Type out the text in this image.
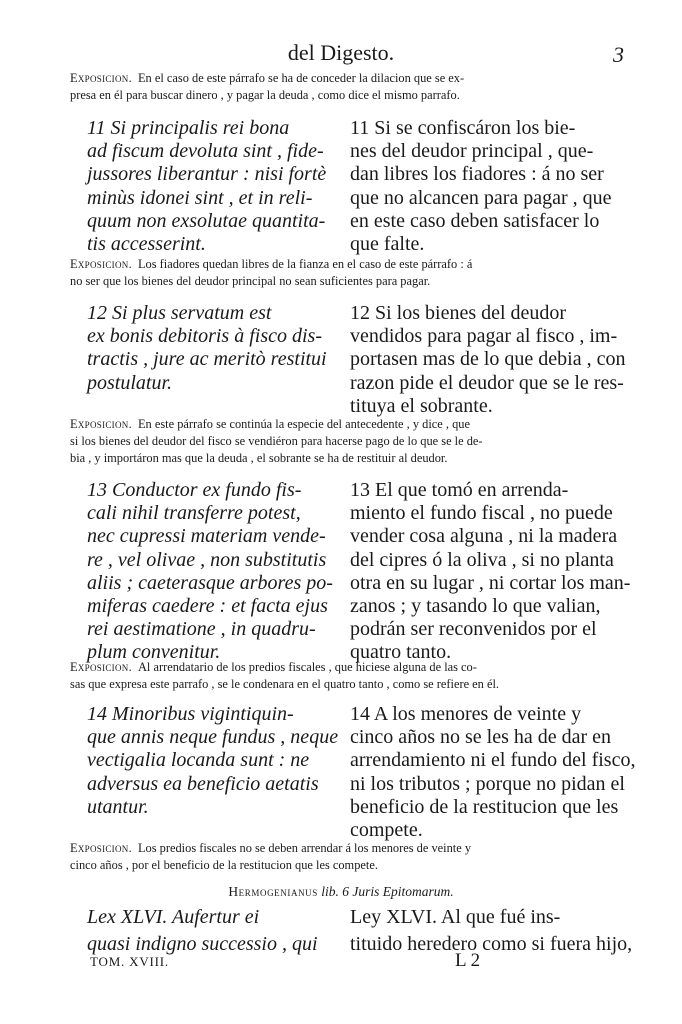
del Digesto.	3
Exposicion. En el caso de este párrafo se ha de conceder la dilacion que se ex-
presa en él para buscar dinero , y pagar la deuda , como dice el mismo parrafo.
11 Si principalis rei bona
ad fiscum devoluta sint , fide-
jussores liberantur : nisi fortè
minùs idonei sint , et in reli-
quum non exsolutae quantita-
tis accesserint.
11 Si se confiscáron los bie-
nes del deudor principal , que-
dan libres los fiadores : á no ser
que no alcancen para pagar , que
en este caso deben satisfacer lo
que falte.
Exposicion. Los fiadores quedan libres de la fianza en el caso de este párrafo : á
no ser que los bienes del deudor principal no sean suficientes para pagar.
12 Si plus servatum est
ex bonis debitoris à fisco dis-
tractis , jure ac meritò restitui
postulatur.
12 Si los bienes del deudor
vendidos para pagar al fisco , im-
portasen mas de lo que debia , con
razon pide el deudor que se le res-
tituya el sobrante.
Exposicion. En este párrafo se continúa la especie del antecedente , y dice , que
si los bienes del deudor del fisco se vendiéron para hacerse pago de lo que se le de-
bia , y importáron mas que la deuda , el sobrante se ha de restituir al deudor.
13 Conductor ex fundo fis-
cali nihil transferre potest,
nec cupressi materiam vende-
re , vel olivae , non substitutis
aliis ; caeterasque arbores po-
miferas caedere : et facta ejus
rei aestimatione , in quadru-
plum convenitur.
13 El que tomó en arrenda-
miento el fundo fiscal , no puede
vender cosa alguna , ni la madera
del cipres ó la oliva , si no planta
otra en su lugar , ni cortar los man-
zanos ; y tasando lo que valian,
podrán ser reconvenidos por el
quatro tanto.
Exposicion. Al arrendatario de los predios fiscales , que hiciese alguna de las co-
sas que expresa este parrafo , se le condenara en el quatro tanto , como se refiere en él.
14 Minoribus vigintiquin-
que annis neque fundus , neque
vectigalia locanda sunt : ne
adversus ea beneficio aetatis
utantur.
14 A los menores de veinte y
cinco años no se les ha de dar en
arrendamiento ni el fundo del fisco,
ni los tributos ; porque no pidan el
beneficio de la restitucion que les
compete.
Exposicion. Los predios fiscales no se deben arrendar á los menores de veinte y
cinco años , por el beneficio de la restitucion que les compete.
Hermogenianus lib. 6 Juris Epitomarum.
Lex XLVI. Aufertur ei
quasi indigno successio , qui
Ley XLVI. Al que fué ins-
tituido heredero como si fuera hijo,
TOM. XVIII.	L 2
